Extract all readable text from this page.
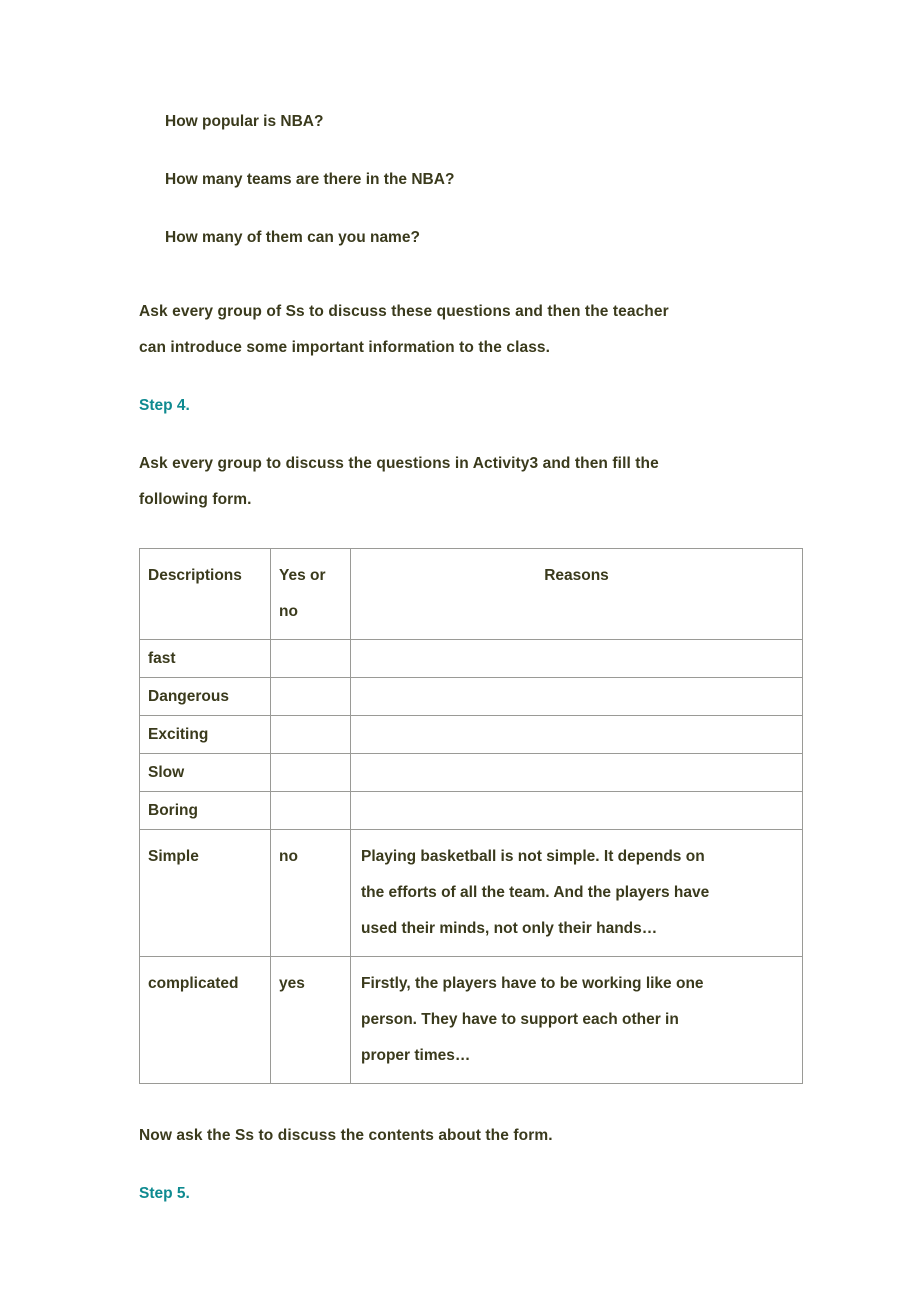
How popular is NBA?
How many teams are there in the NBA?
How many of them can you name?

Ask every group of Ss to discuss these questions and then the teacher
can introduce some important information to the class.

Step 4.

Ask every group to discuss the questions in Activity3 and then fill the
following form.

Descriptions	Yes or
no	Reasons

fast		

Dangerous		

Exciting		

Slow		

Boring		

Simple	no	Playing basketball is not simple. It depends on
the efforts of all the team. And the players have
used their minds, not only their hands…

complicated	yes	Firstly, the players have to be working like one
person. They have to support each other in
proper times…

Now ask the Ss to discuss the contents about the form.

Step 5.
